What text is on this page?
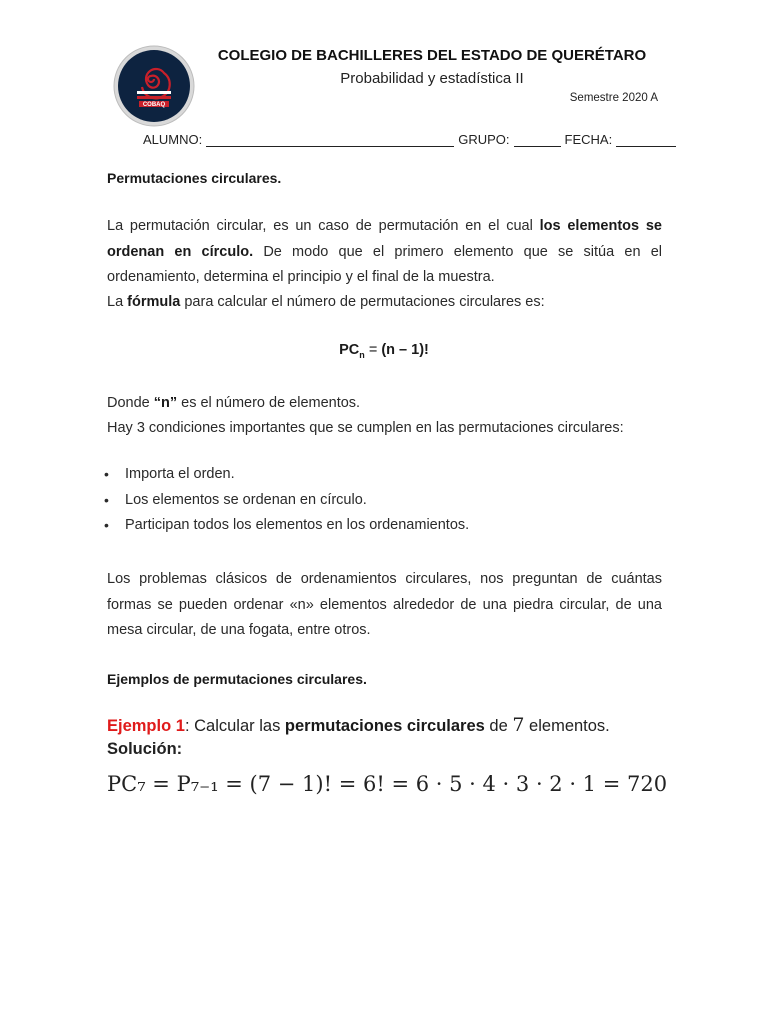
COBAQ
COLEGIO DE BACHILLERES DEL ESTADO DE QUERÉTARO
Probabilidad y estadística II
Semestre 2020 A
ALUMNO:	GRUPO:	FECHA:
Permutaciones circulares.
La permutación circular, es un caso de permutación en el cual los elementos se ordenan en círculo. De modo que el primero elemento que se sitúa en el ordenamiento, determina el principio y el final de la muestra.
La fórmula para calcular el número de permutaciones circulares es:
$PC_n = (n - 1)$!
Donde “n” es el número de elementos.
Hay 3 condiciones importantes que se cumplen en las permutaciones circulares:
• Importa el orden.
• Los elementos se ordenan en círculo.
• Participan todos los elementos en los ordenamientos.
Los problemas clásicos de ordenamientos circulares, nos preguntan de cuántas formas se pueden ordenar «n» elementos alrededor de una piedra circular, de una mesa circular, de una fogata, entre otros.
Ejemplos de permutaciones circulares.
Ejemplo 1: Calcular las permutaciones circulares de 7 elementos.
Solución:
PC₇ = P₇₋₁ = (7 − 1)! = 6! = 6 · 5 · 4 · 3 · 2 · 1 = 720
